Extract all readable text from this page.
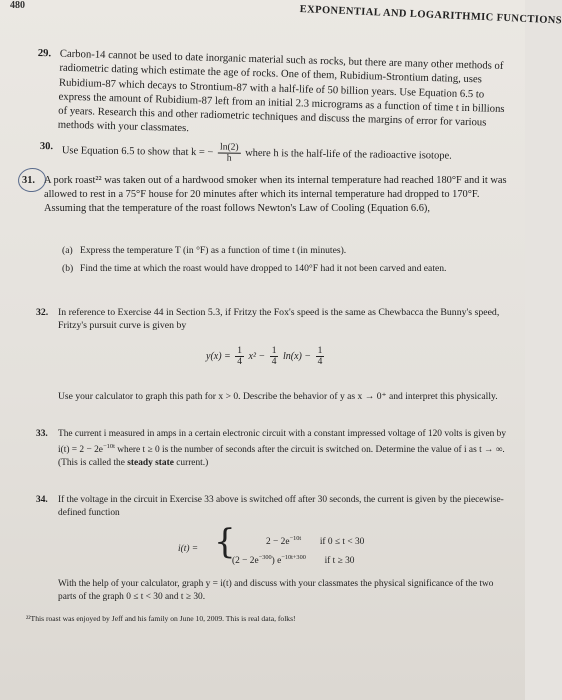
480	EXPONENTIAL AND LOGARITHMIC FUNCTIONS
29. Carbon-14 cannot be used to date inorganic material such as rocks, but there are many other methods of radiometric dating which estimate the age of rocks. One of them, Rubidium-Strontium dating, uses Rubidium-87 which decays to Strontium-87 with a half-life of 50 billion years. Use Equation 6.5 to express the amount of Rubidium-87 left from an initial 2.3 micrograms as a function of time t in billions of years. Research this and other radiometric techniques and discuss the margins of error for various methods with your classmates.
30. Use Equation 6.5 to show that k = − $\frac{\ln(2)}{h}$ where h is the half-life of the radioactive isotope.
31. A pork roast²² was taken out of a hardwood smoker when its internal temperature had reached 180°F and it was allowed to rest in a 75°F house for 20 minutes after which its internal temperature had dropped to 170°F. Assuming that the temperature of the roast follows Newton's Law of Cooling (Equation 6.6),
(a) Express the temperature T (in °F) as a function of time t (in minutes).
(b) Find the time at which the roast would have dropped to 140°F had it not been carved and eaten.
32. In reference to Exercise 44 in Section 5.3, if Fritzy the Fox's speed is the same as Chewbacca the Bunny's speed, Fritzy's pursuit curve is given by
$y(x) = \frac{1}{4} x^2 - \frac{1}{4} \ln(x) - \frac{1}{4}$
Use your calculator to graph this path for x > 0. Describe the behavior of y as x → 0⁺ and interpret this physically.
33. The current i measured in amps in a certain electronic circuit with a constant impressed voltage of 120 volts is given by $i(t) = 2 - 2e^{-10t}$ where t ≥ 0 is the number of seconds after the circuit is switched on. Determine the value of i as t → ∞. (This is called the steady state current.)
34. If the voltage in the circuit in Exercise 33 above is switched off after 30 seconds, the current is given by the piecewise-defined function
i(t) = {	$2 - 2e^{-10t}$ if 0 ≤ t < 30
$(2 - 2e^{-300})$ $e^{-10t+300}$ if t ≥ 30
With the help of your calculator, graph y = i(t) and discuss with your classmates the physical significance of the two parts of the graph 0 ≤ t < 30 and t ≥ 30.
²²This roast was enjoyed by Jeff and his family on June 10, 2009. This is real data, folks!
